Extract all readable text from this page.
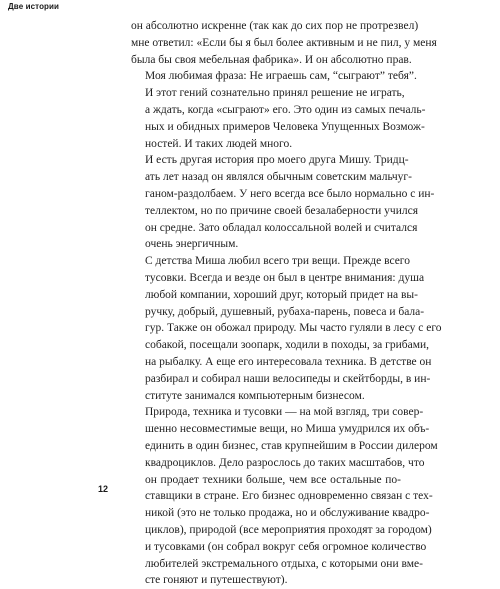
Две истории

он абсолютно искренне (так как до сих пор не протрезвел)
мне ответил: «Если бы я был более активным и не пил, у меня
была бы своя мебельная фабрика». И он абсолютно прав.

Моя любимая фраза: Не играешь сам, “сыграют” тебя”.
И этот гений сознательно принял решение не играть,
а ждать, когда «сыграют» его. Это один из самых печаль-
ных и обидных примеров Человека Упущенных Возмож-
ностей. И таких людей много.

И есть другая история про моего друга Мишу. Тридц-
ать лет назад он являлся обычным советским мальчуг-
ганом-раздолбаем. У него всегда все было нормально с ин-
теллектом, но по причине своей безалаберности учился
он средне. Зато обладал колоссальной волей и считался
очень энергичным.

С детства Миша любил всего три вещи. Прежде всего
тусовки. Всегда и везде он был в центре внимания: душа
любой компании, хороший друг, который придет на вы-
ручку, добрый, душевный, рубаха-парень, повеса и бала-
гур. Также он обожал природу. Мы часто гуляли в лесу с его
собакой, посещали зоопарк, ходили в походы, за грибами,
на рыбалку. А еще его интересовала техника. В детстве он
разбирал и собирал наши велосипеды и скейтборды, в ин-
ституте занимался компьютерным бизнесом.

Природа, техника и тусовки — на мой взгляд, три совер-
шенно несовместимые вещи, но Миша умудрился их объ-
единить в один бизнес, став крупнейшим в России дилером
квадроциклов. Дело разрослось до таких масштабов, что
он продает техники больше, чем все остальные по-
ставщики в стране. Его бизнес одновременно связан с тех-
никой (это не только продажа, но и обслуживание квадро-
циклов), природой (все мероприятия проходят за городом)
и тусовками (он собрал вокруг себя огромное количество
любителей экстремального отдыха, с которыми они вме-
сте гоняют и путешествуют).

12
